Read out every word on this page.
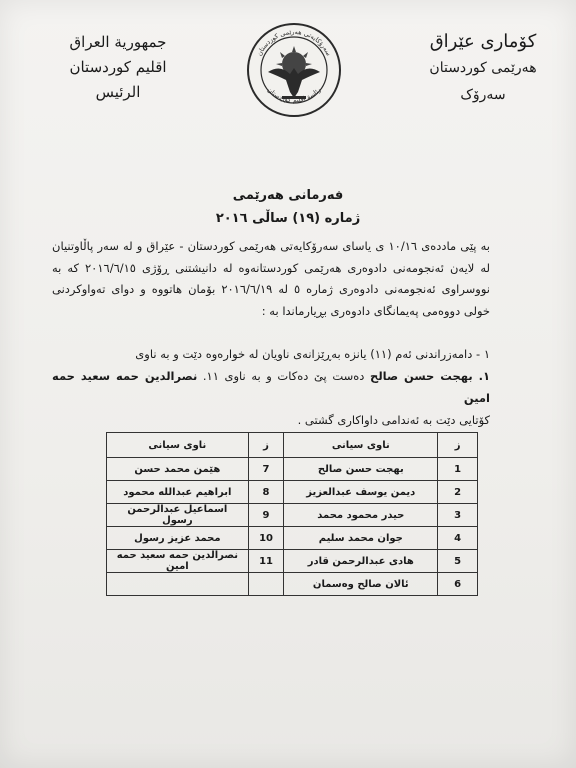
جمهورية العراق
اقليم كوردستان
الرئيس
سەرۆکایەتی هەرێمی کوردستان
رئاسة اقليم كوردستان
کۆماری عێراق
هەرێمی کوردستان
سەرۆک
فەرمانی هەرێمی
ژمارە (١٩) ساڵی ٢٠١٦
بە پێی ماددەی ١٠/١٦ ی یاسای سەرۆکایەتی هەرێمی کوردستان - عێراق و لە سەر پاڵاوتنیان لە لایەن ئەنجومەنی دادوەری هەرێمی کوردستانەوە لە دانیشتنی ڕۆژی ٢٠١٦/٦/١٥ کە بە نووسراوی ئەنجومەنی دادوەری ژمارە ٥ لە ٢٠١٦/٦/١٩ بۆمان هاتووە و دوای تەواوکردنی خولی دووەمی پەیمانگای دادوەری بڕیارماندا بە :
١ - دامەزراندنی ئەم (١١) یانزە بەڕێزانەی ناویان لە خوارەوە دێت و بە ناوی
١. بهجت حسن صالح دەست پێ دەکات و بە ناوی ١١. نصرالدین حمه سعید حمه امین
کۆتایی دێت بە ئەندامی داواکاری گشتی .
ز	ناوی سیانی	ز	ناوی سیانی
1	بهجت حسن صالح	7	هێمن محمد حسن
2	دیمن یوسف عبدالعزیز	8	ابراهیم عبدالله محمود
3	حیدر محمود محمد	9	اسماعیل عبدالرحمن رسول
4	جوان محمد سلیم	10	محمد عزیز رسول
5	هادی عبدالرحمن قادر	11	نصرالدین حمه سعید حمه امین
6	ئالان صالح وەسمان		
